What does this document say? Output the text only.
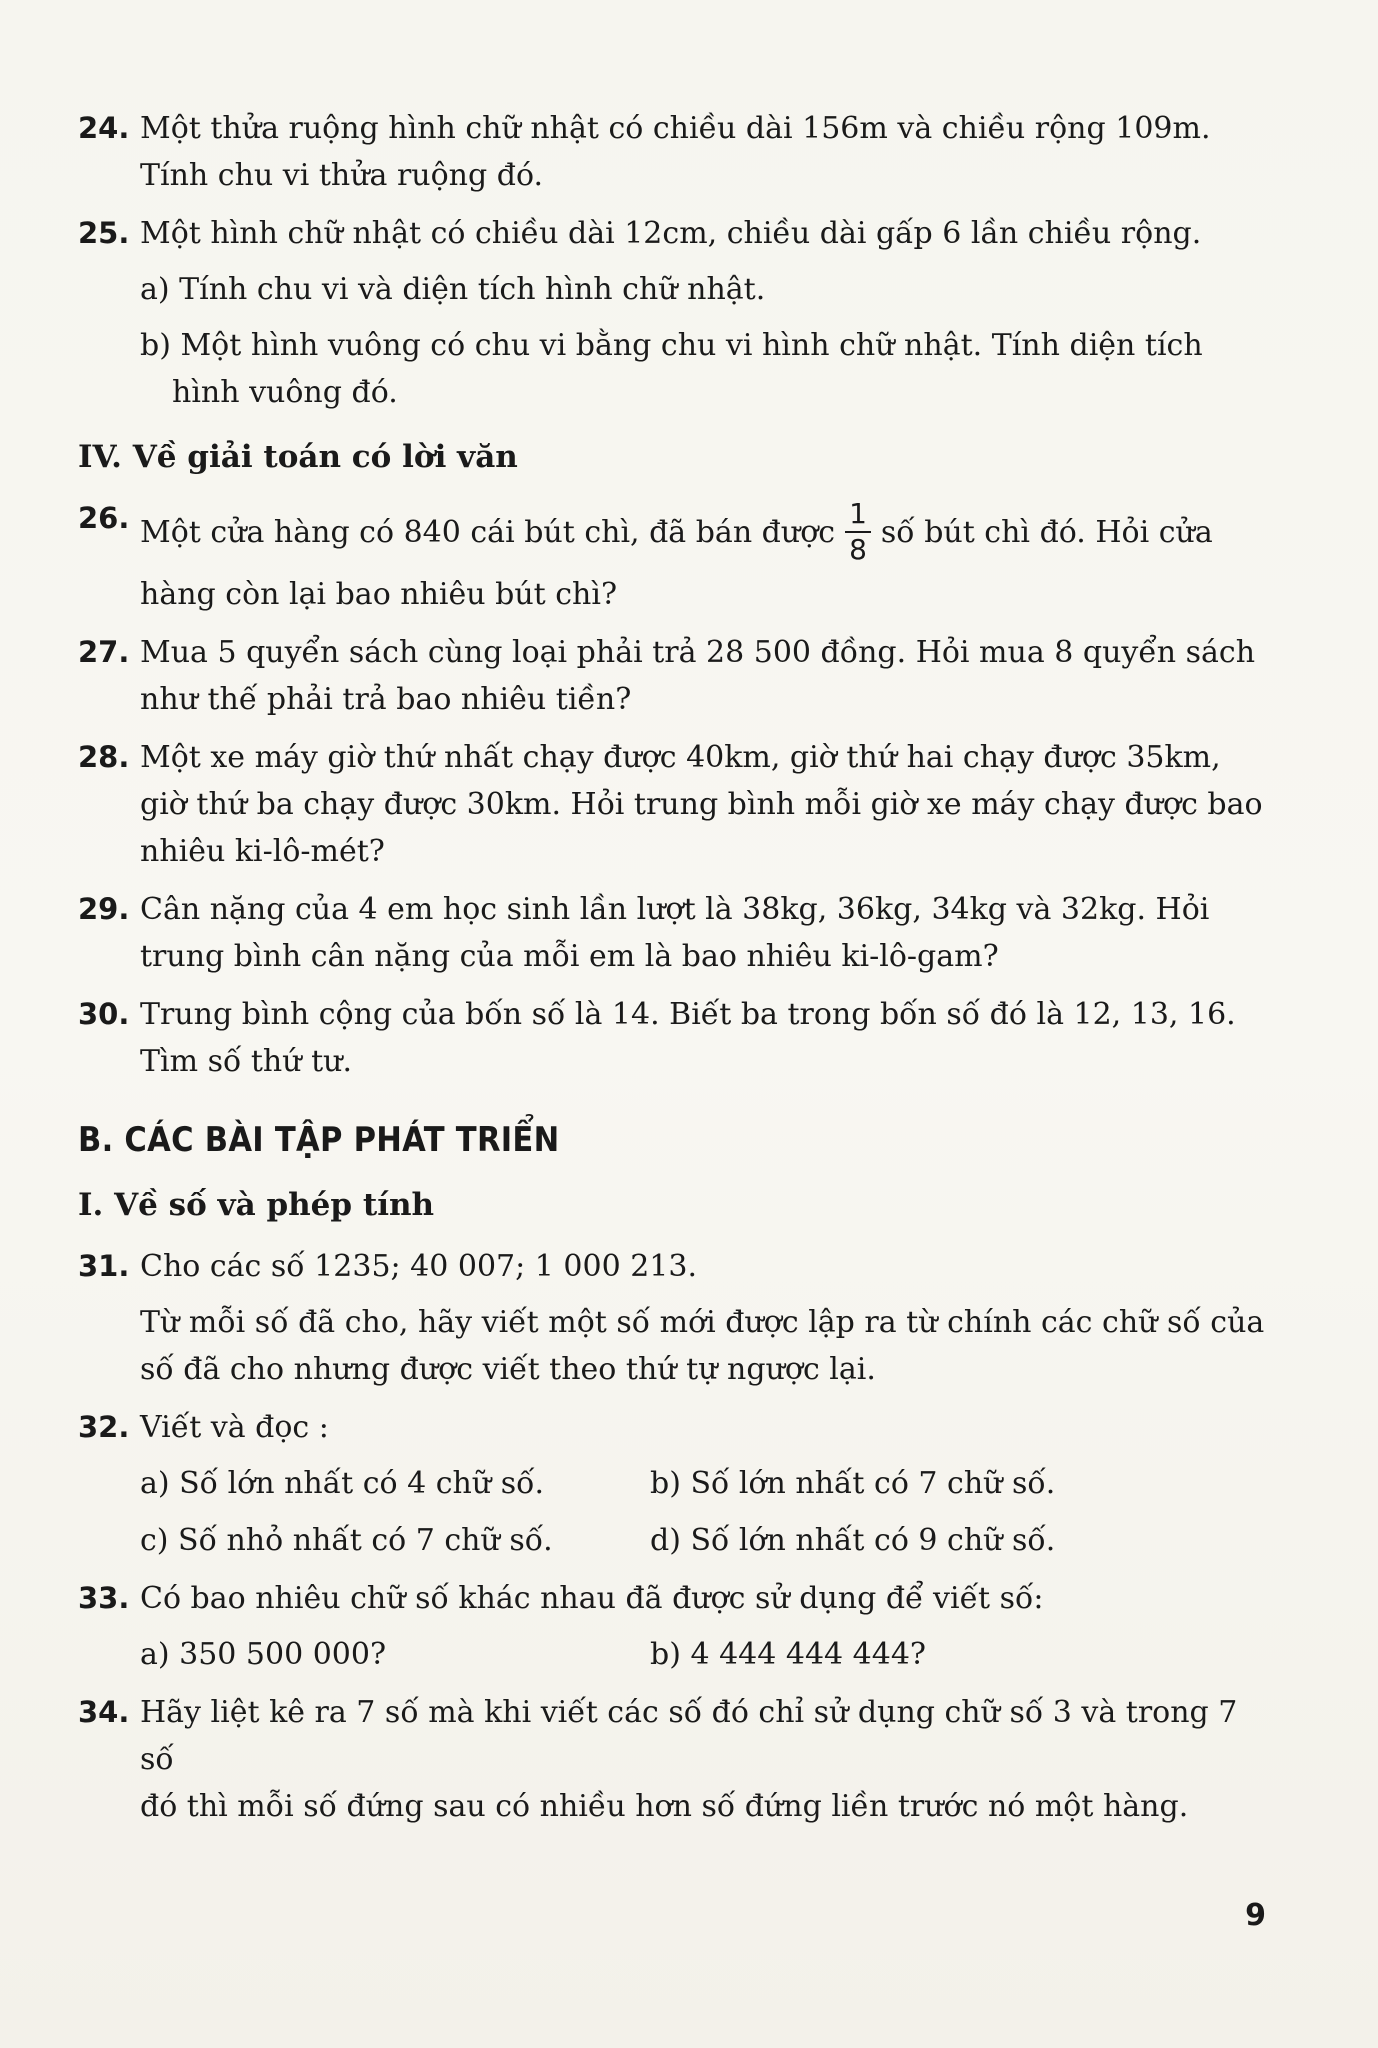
24. Một thửa ruộng hình chữ nhật có chiều dài 156m và chiều rộng 109m.
Tính chu vi thửa ruộng đó.
25. Một hình chữ nhật có chiều dài 12cm, chiều dài gấp 6 lần chiều rộng.
a) Tính chu vi và diện tích hình chữ nhật.
b) Một hình vuông có chu vi bằng chu vi hình chữ nhật. Tính diện tích hình vuông đó.
IV. Về giải toán có lời văn
26. Một cửa hàng có 840 cái bút chì, đã bán được $\frac{1}{8}$ số bút chì đó. Hỏi cửa
hàng còn lại bao nhiêu bút chì?
27. Mua 5 quyển sách cùng loại phải trả 28 500 đồng. Hỏi mua 8 quyển sách
như thế phải trả bao nhiêu tiền?
28. Một xe máy giờ thứ nhất chạy được 40km, giờ thứ hai chạy được 35km,
giờ thứ ba chạy được 30km. Hỏi trung bình mỗi giờ xe máy chạy được bao
nhiêu ki-lô-mét?
29. Cân nặng của 4 em học sinh lần lượt là 38kg, 36kg, 34kg và 32kg. Hỏi
trung bình cân nặng của mỗi em là bao nhiêu ki-lô-gam?
30. Trung bình cộng của bốn số là 14. Biết ba trong bốn số đó là 12, 13, 16.
Tìm số thứ tư.
B. CÁC BÀI TẬP PHÁT TRIỂN
I. Về số và phép tính
31. Cho các số 1235; 40 007; 1 000 213.
Từ mỗi số đã cho, hãy viết một số mới được lập ra từ chính các chữ số của
số đã cho nhưng được viết theo thứ tự ngược lại.
32. Viết và đọc :
a) Số lớn nhất có 4 chữ số.	b) Số lớn nhất có 7 chữ số.
c) Số nhỏ nhất có 7 chữ số.	d) Số lớn nhất có 9 chữ số.
33. Có bao nhiêu chữ số khác nhau đã được sử dụng để viết số:
a) 350 500 000?	b) 4 444 444 444?
34. Hãy liệt kê ra 7 số mà khi viết các số đó chỉ sử dụng chữ số 3 và trong 7 số
đó thì mỗi số đứng sau có nhiều hơn số đứng liền trước nó một hàng.
9
